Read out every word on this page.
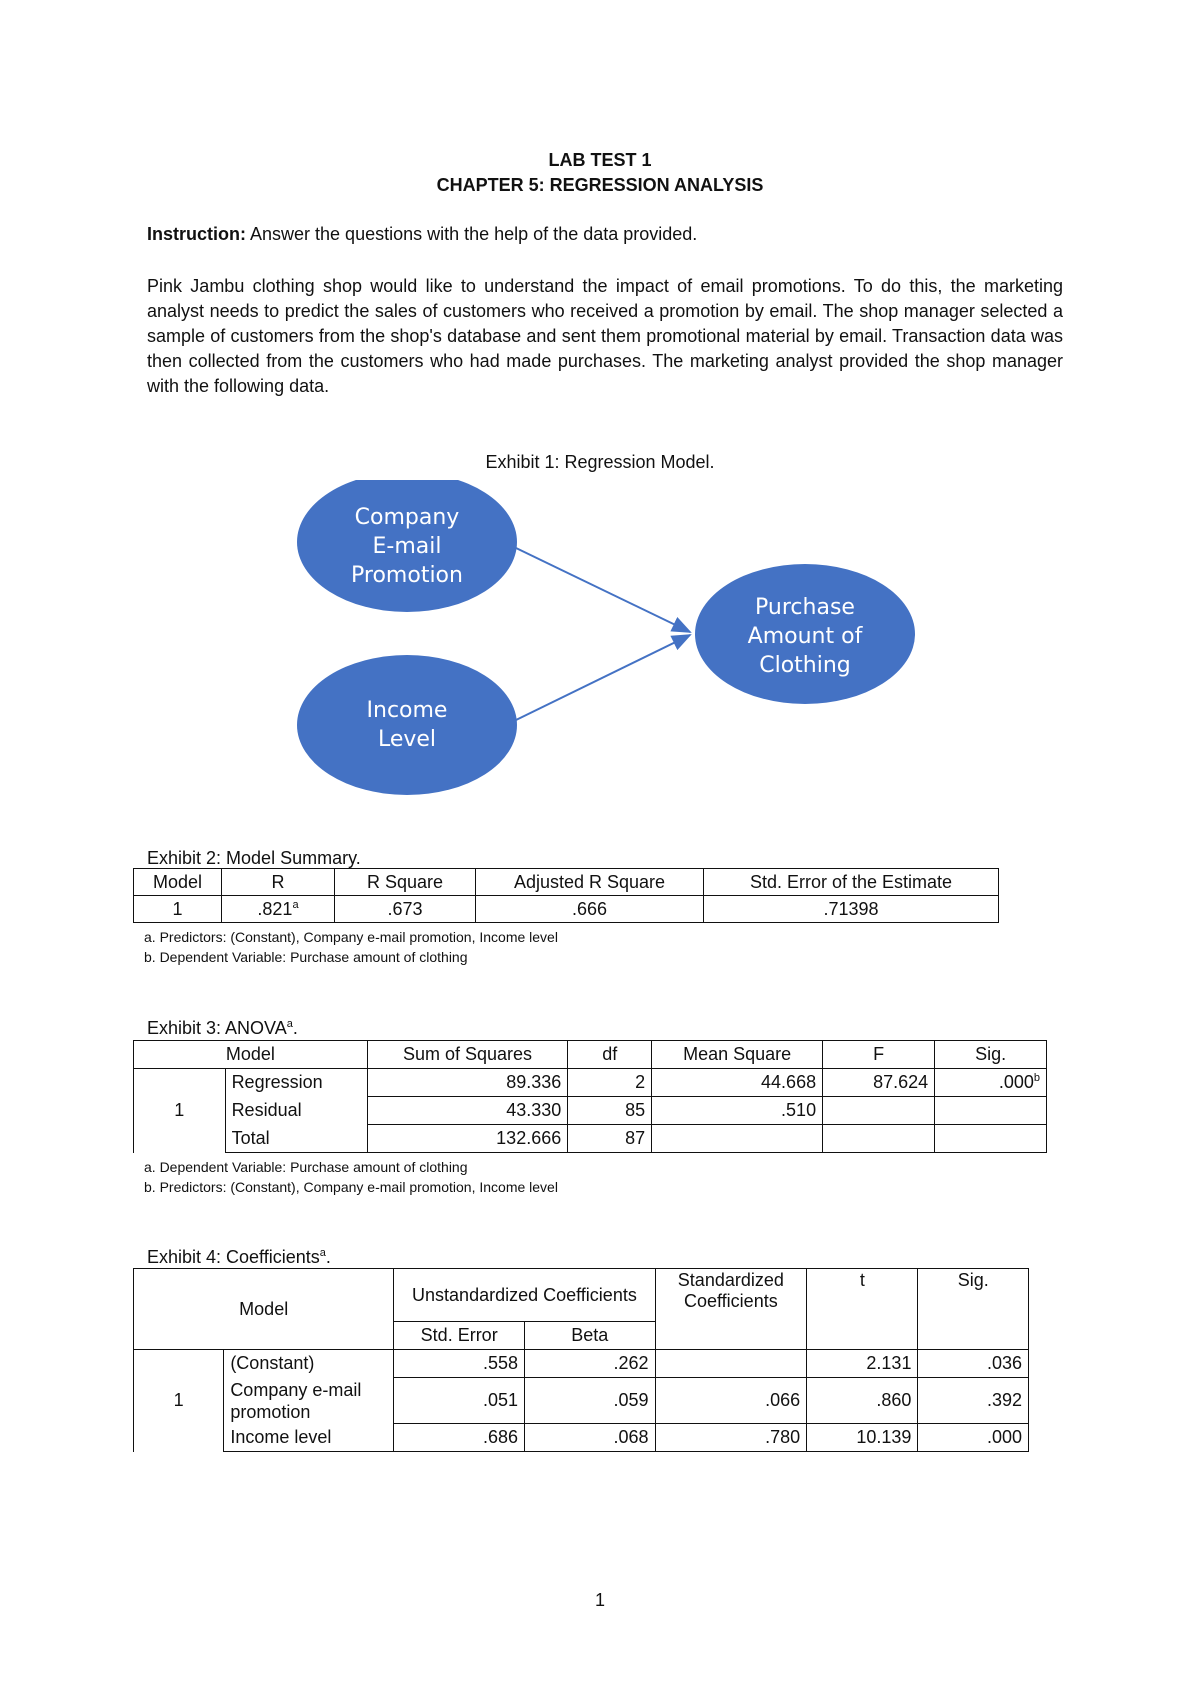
LAB TEST 1
CHAPTER 5: REGRESSION ANALYSIS
Instruction: Answer the questions with the help of the data provided.
Pink Jambu clothing shop would like to understand the impact of email promotions. To do this, the marketing analyst needs to predict the sales of customers who received a promotion by email. The shop manager selected a sample of customers from the shop's database and sent them promotional material by email. Transaction data was then collected from the customers who had made purchases. The marketing analyst provided the shop manager with the following data.
Exhibit 1: Regression Model.
Company
E-mail
Promotion
Income
Level
Purchase
Amount of
Clothing
Exhibit 2: Model Summary.
Model	R	R Square	Adjusted R Square	Std. Error of the Estimate
1	.821$^a$	.673	.666	.71398
a. Predictors: (Constant), Company e-mail promotion, Income level
b. Dependent Variable: Purchase amount of clothing
Exhibit 3: ANOVA$^a$.
Model		Sum of Squares	df	Mean Square	F	Sig.
1	Regression	89.336	2	44.668	87.624	.000$^b$
	Residual	43.330	85	.510		
	Total	132.666	87			
a. Dependent Variable: Purchase amount of clothing
b. Predictors: (Constant), Company e-mail promotion, Income level
Exhibit 4: Coefficients$^a$.
Model		Unstandardized Coefficients		Standardized Coefficients	t	Sig.
		Std. Error	Beta			
1	(Constant)	.558	.262		2.131	.036
	Company e-mail promotion	.051	.059	.066	.860	.392
	Income level	.686	.068	.780	10.139	.000
1
